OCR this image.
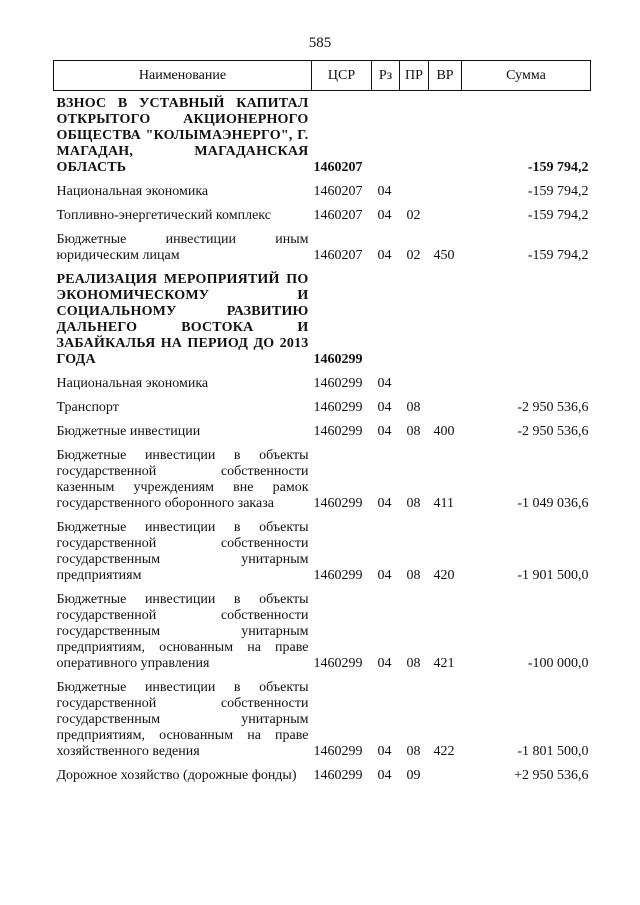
585
Наименование	ЦСР	Рз	ПР	ВР	Сумма
ВЗНОС В УСТАВНЫЙ КАПИТАЛ ОТКРЫТОГО АКЦИОНЕРНОГО ОБЩЕСТВА "КОЛЫМАЭНЕРГО", Г. МАГАДАН, МАГАДАНСКАЯ ОБЛАСТЬ	1460207				-159 794,2
Национальная экономика	1460207	04			-159 794,2
Топливно-энергетический комплекс	1460207	04	02		-159 794,2
Бюджетные инвестиции иным юридическим лицам	1460207	04	02	450	-159 794,2
РЕАЛИЗАЦИЯ МЕРОПРИЯТИЙ ПО ЭКОНОМИЧЕСКОМУ И СОЦИАЛЬНОМУ РАЗВИТИЮ ДАЛЬНЕГО ВОСТОКА И ЗАБАЙКАЛЬЯ НА ПЕРИОД ДО 2013 ГОДА	1460299				
Национальная экономика	1460299	04			
Транспорт	1460299	04	08		-2 950 536,6
Бюджетные инвестиции	1460299	04	08	400	-2 950 536,6
Бюджетные инвестиции в объекты государственной собственности казенным учреждениям вне рамок государственного оборонного заказа	1460299	04	08	411	-1 049 036,6
Бюджетные инвестиции в объекты государственной собственности государственным унитарным предприятиям	1460299	04	08	420	-1 901 500,0
Бюджетные инвестиции в объекты государственной собственности государственным унитарным предприятиям, основанным на праве оперативного управления	1460299	04	08	421	-100 000,0
Бюджетные инвестиции в объекты государственной собственности государственным унитарным предприятиям, основанным на праве хозяйственного ведения	1460299	04	08	422	-1 801 500,0
Дорожное хозяйство (дорожные фонды)	1460299	04	09		+2 950 536,6
